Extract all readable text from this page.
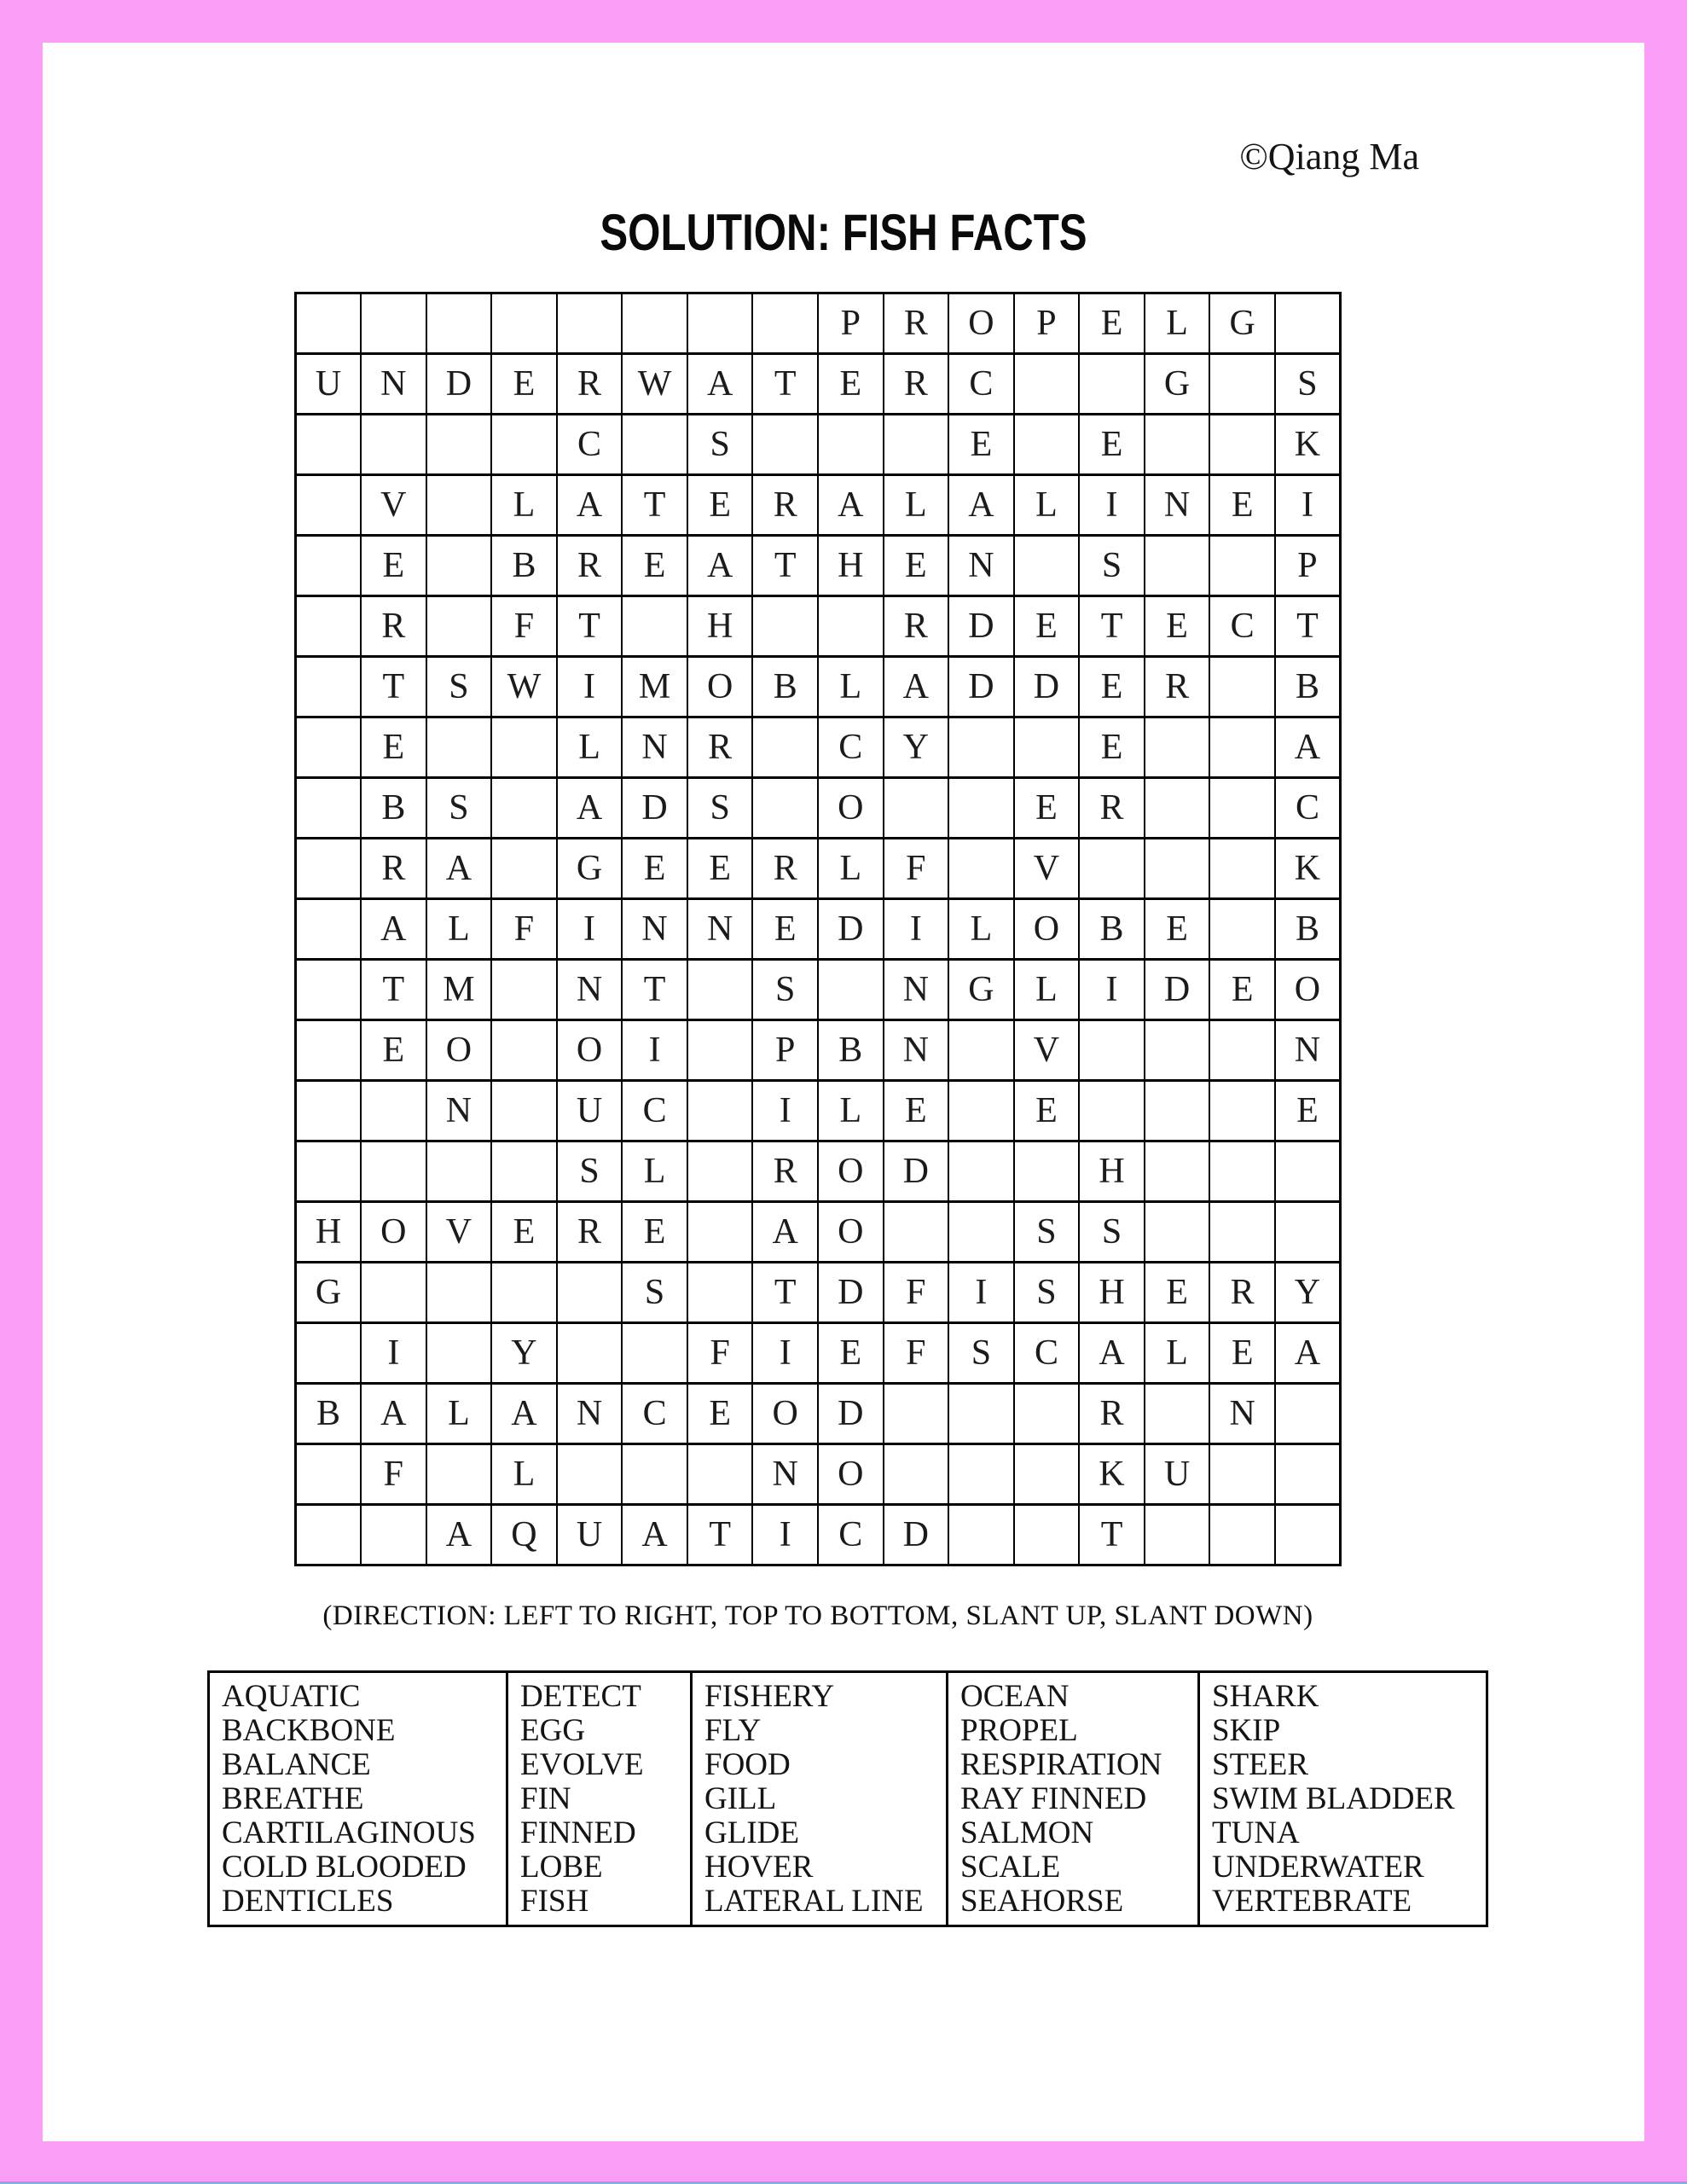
©Qiang Ma
SOLUTION: FISH FACTS
								P	R	O	P	E	L	G	
U	N	D	E	R	W	A	T	E	R	C			G		S
				C		S				E		E			K
	V		L	A	T	E	R	A	L	A	L	I	N	E	I
	E		B	R	E	A	T	H	E	N		S			P
	R		F	T		H			R	D	E	T	E	C	T
	T	S	W	I	M	O	B	L	A	D	D	E	R		B
	E			L	N	R		C	Y			E			A
	B	S		A	D	S		O			E	R			C
	R	A		G	E	E	R	L	F		V				K
	A	L	F	I	N	N	E	D	I	L	O	B	E		B
	T	M		N	T		S		N	G	L	I	D	E	O
	E	O		O	I		P	B	N		V				N
		N		U	C		I	L	E		E				E
				S	L		R	O	D			H			
H	O	V	E	R	E		A	O			S	S			
G					S		T	D	F	I	S	H	E	R	Y
	I		Y			F	I	E	F	S	C	A	L	E	A
B	A	L	A	N	C	E	O	D				R		N	
	F		L				N	O				K	U		
		A	Q	U	A	T	I	C	D			T			
(DIRECTION: LEFT TO RIGHT, TOP TO BOTTOM, SLANT UP, SLANT DOWN)
AQUATIC
BACKBONE
BALANCE
BREATHE
CARTILAGINOUS
COLD BLOODED
DENTICLES

DETECT
EGG
EVOLVE
FIN
FINNED
LOBE
FISH

FISHERY
FLY
FOOD
GILL
GLIDE
HOVER
LATERAL LINE

OCEAN
PROPEL
RESPIRATION
RAY FINNED
SALMON
SCALE
SEAHORSE

SHARK
SKIP
STEER
SWIM BLADDER
TUNA
UNDERWATER
VERTEBRATE
